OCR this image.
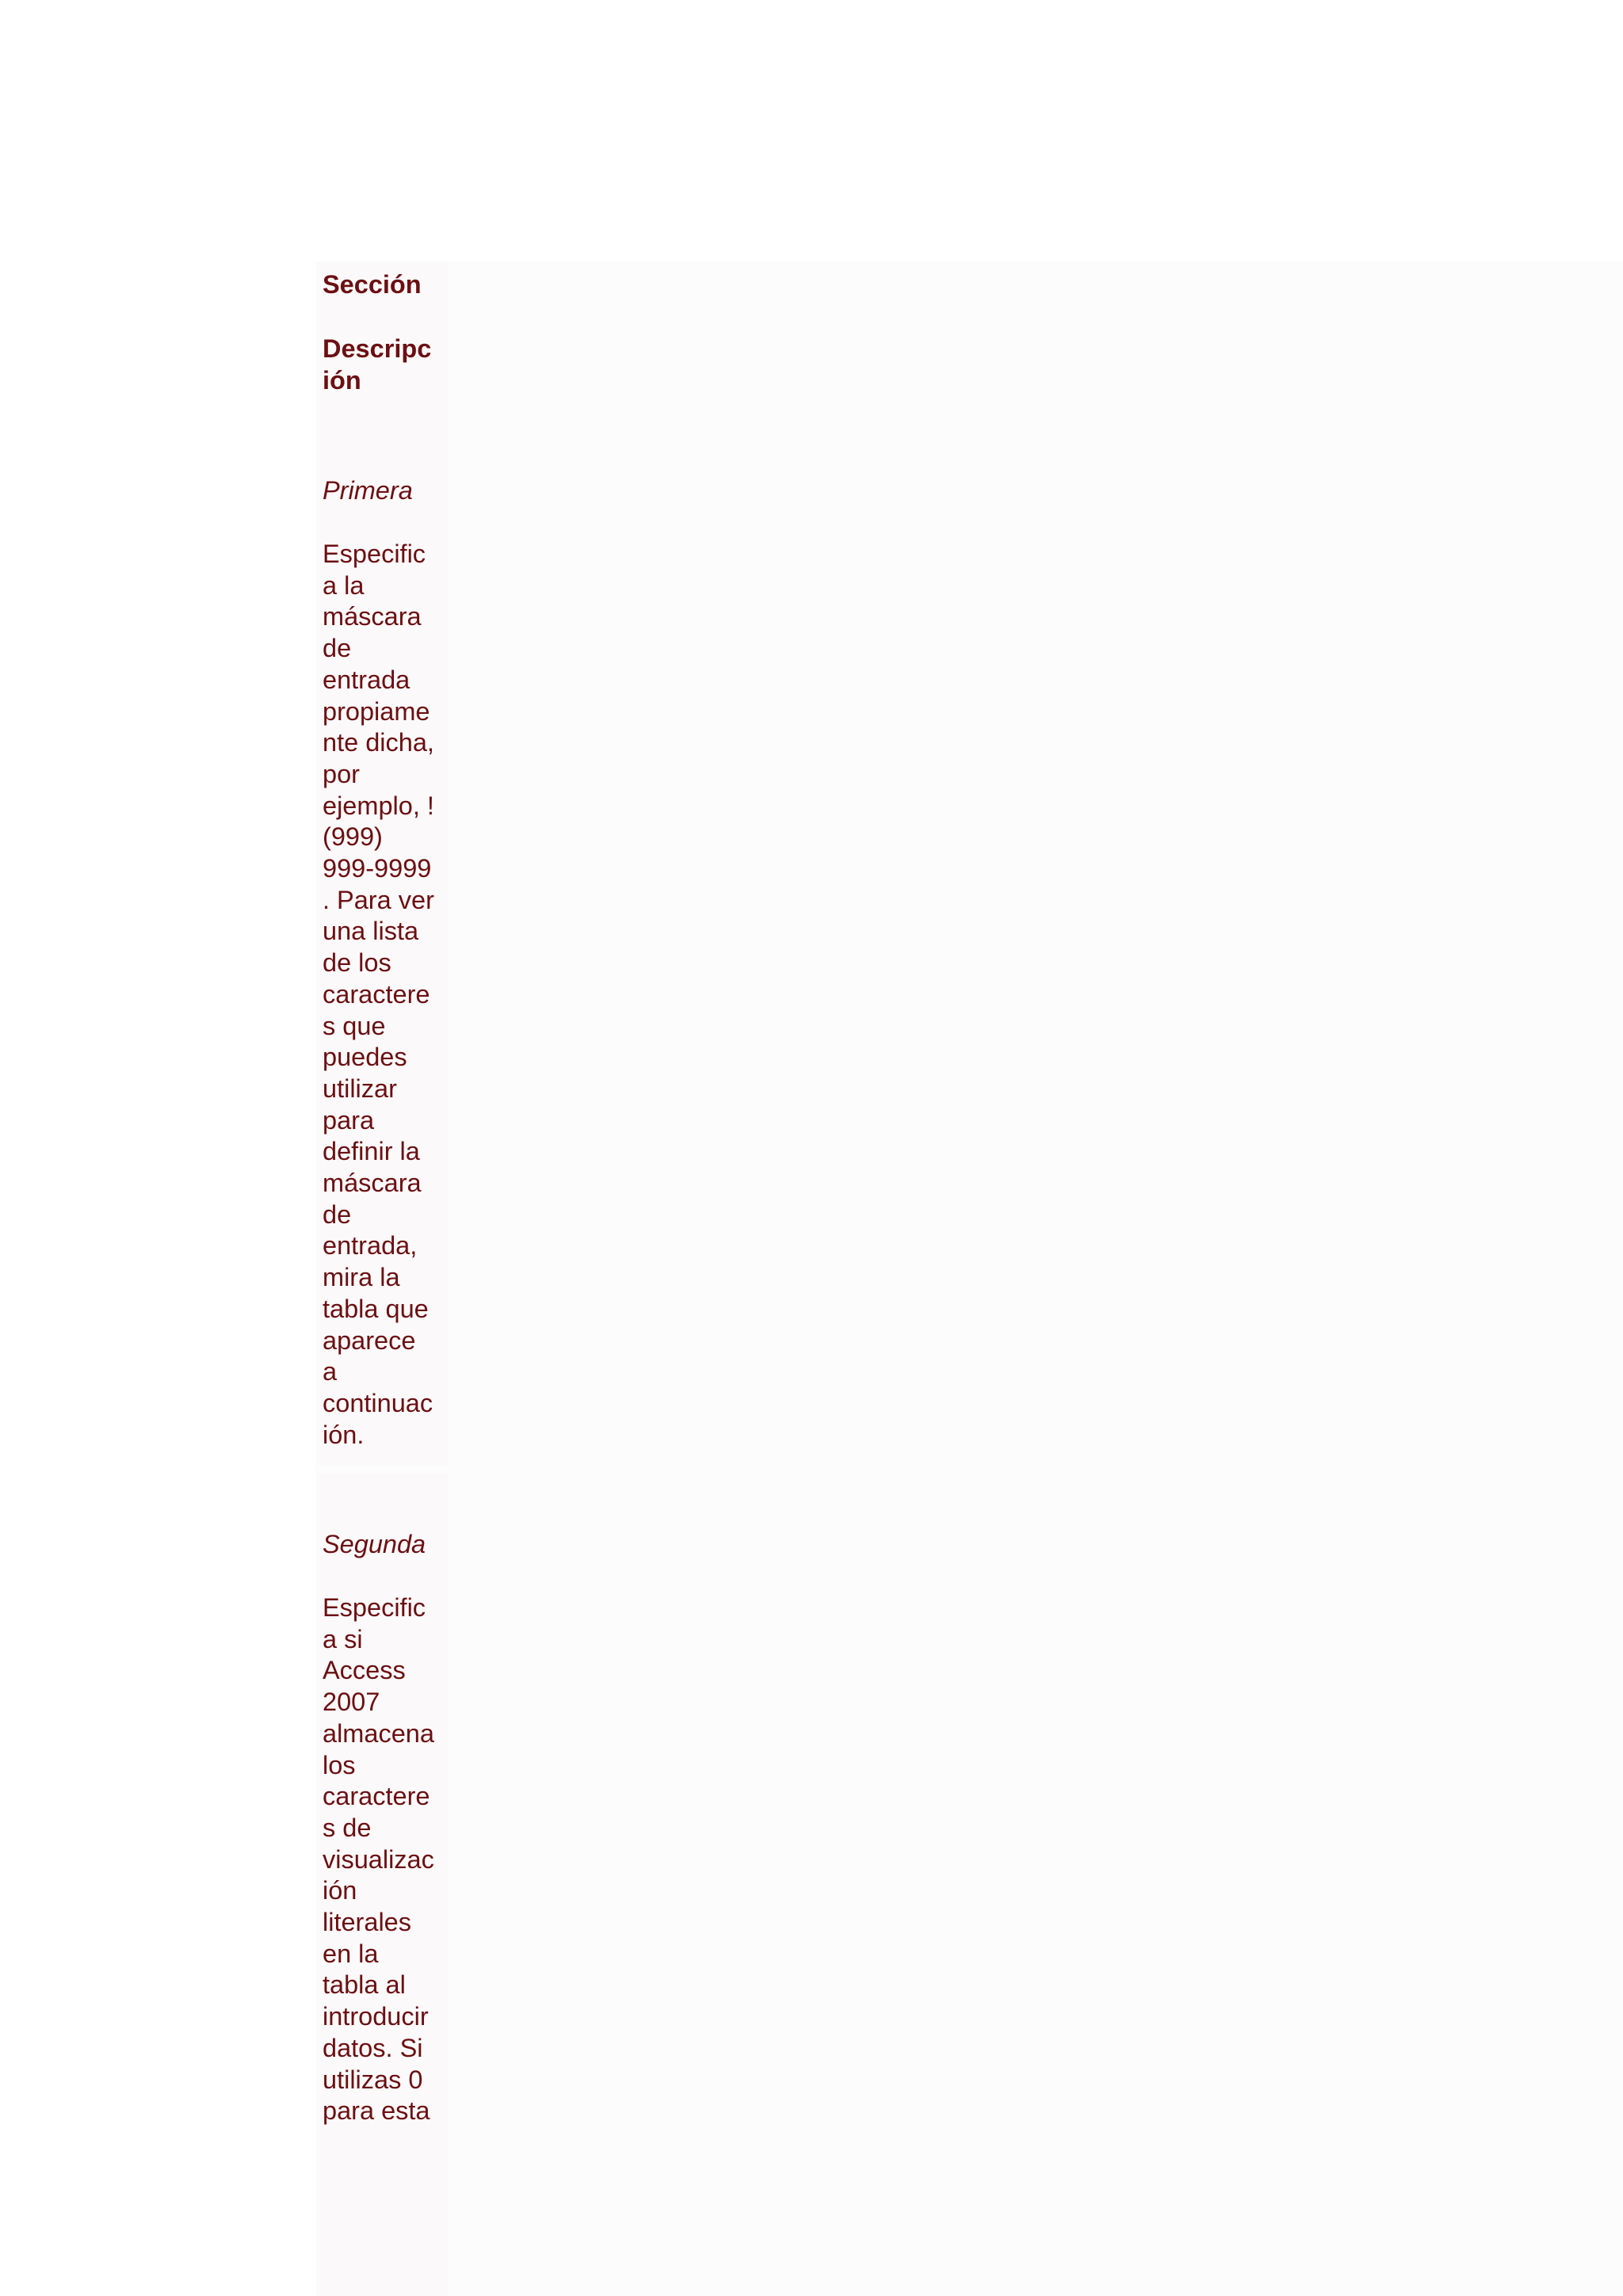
Sección

Descripc
ión

Primera

Especific
a la
máscara
de
entrada
propiame
nte dicha,
por
ejemplo, !
(999)
999-9999
. Para ver
una lista
de los
caractere
s que
puedes
utilizar
para
definir la
máscara
de
entrada,
mira la
tabla que
aparece
a
continuac
ión.

Segunda

Especific
a si
Access
2007
almacena
los
caractere
s de
visualizac
ión
literales
en la
tabla al
introducir
datos. Si
utilizas 0
para esta
